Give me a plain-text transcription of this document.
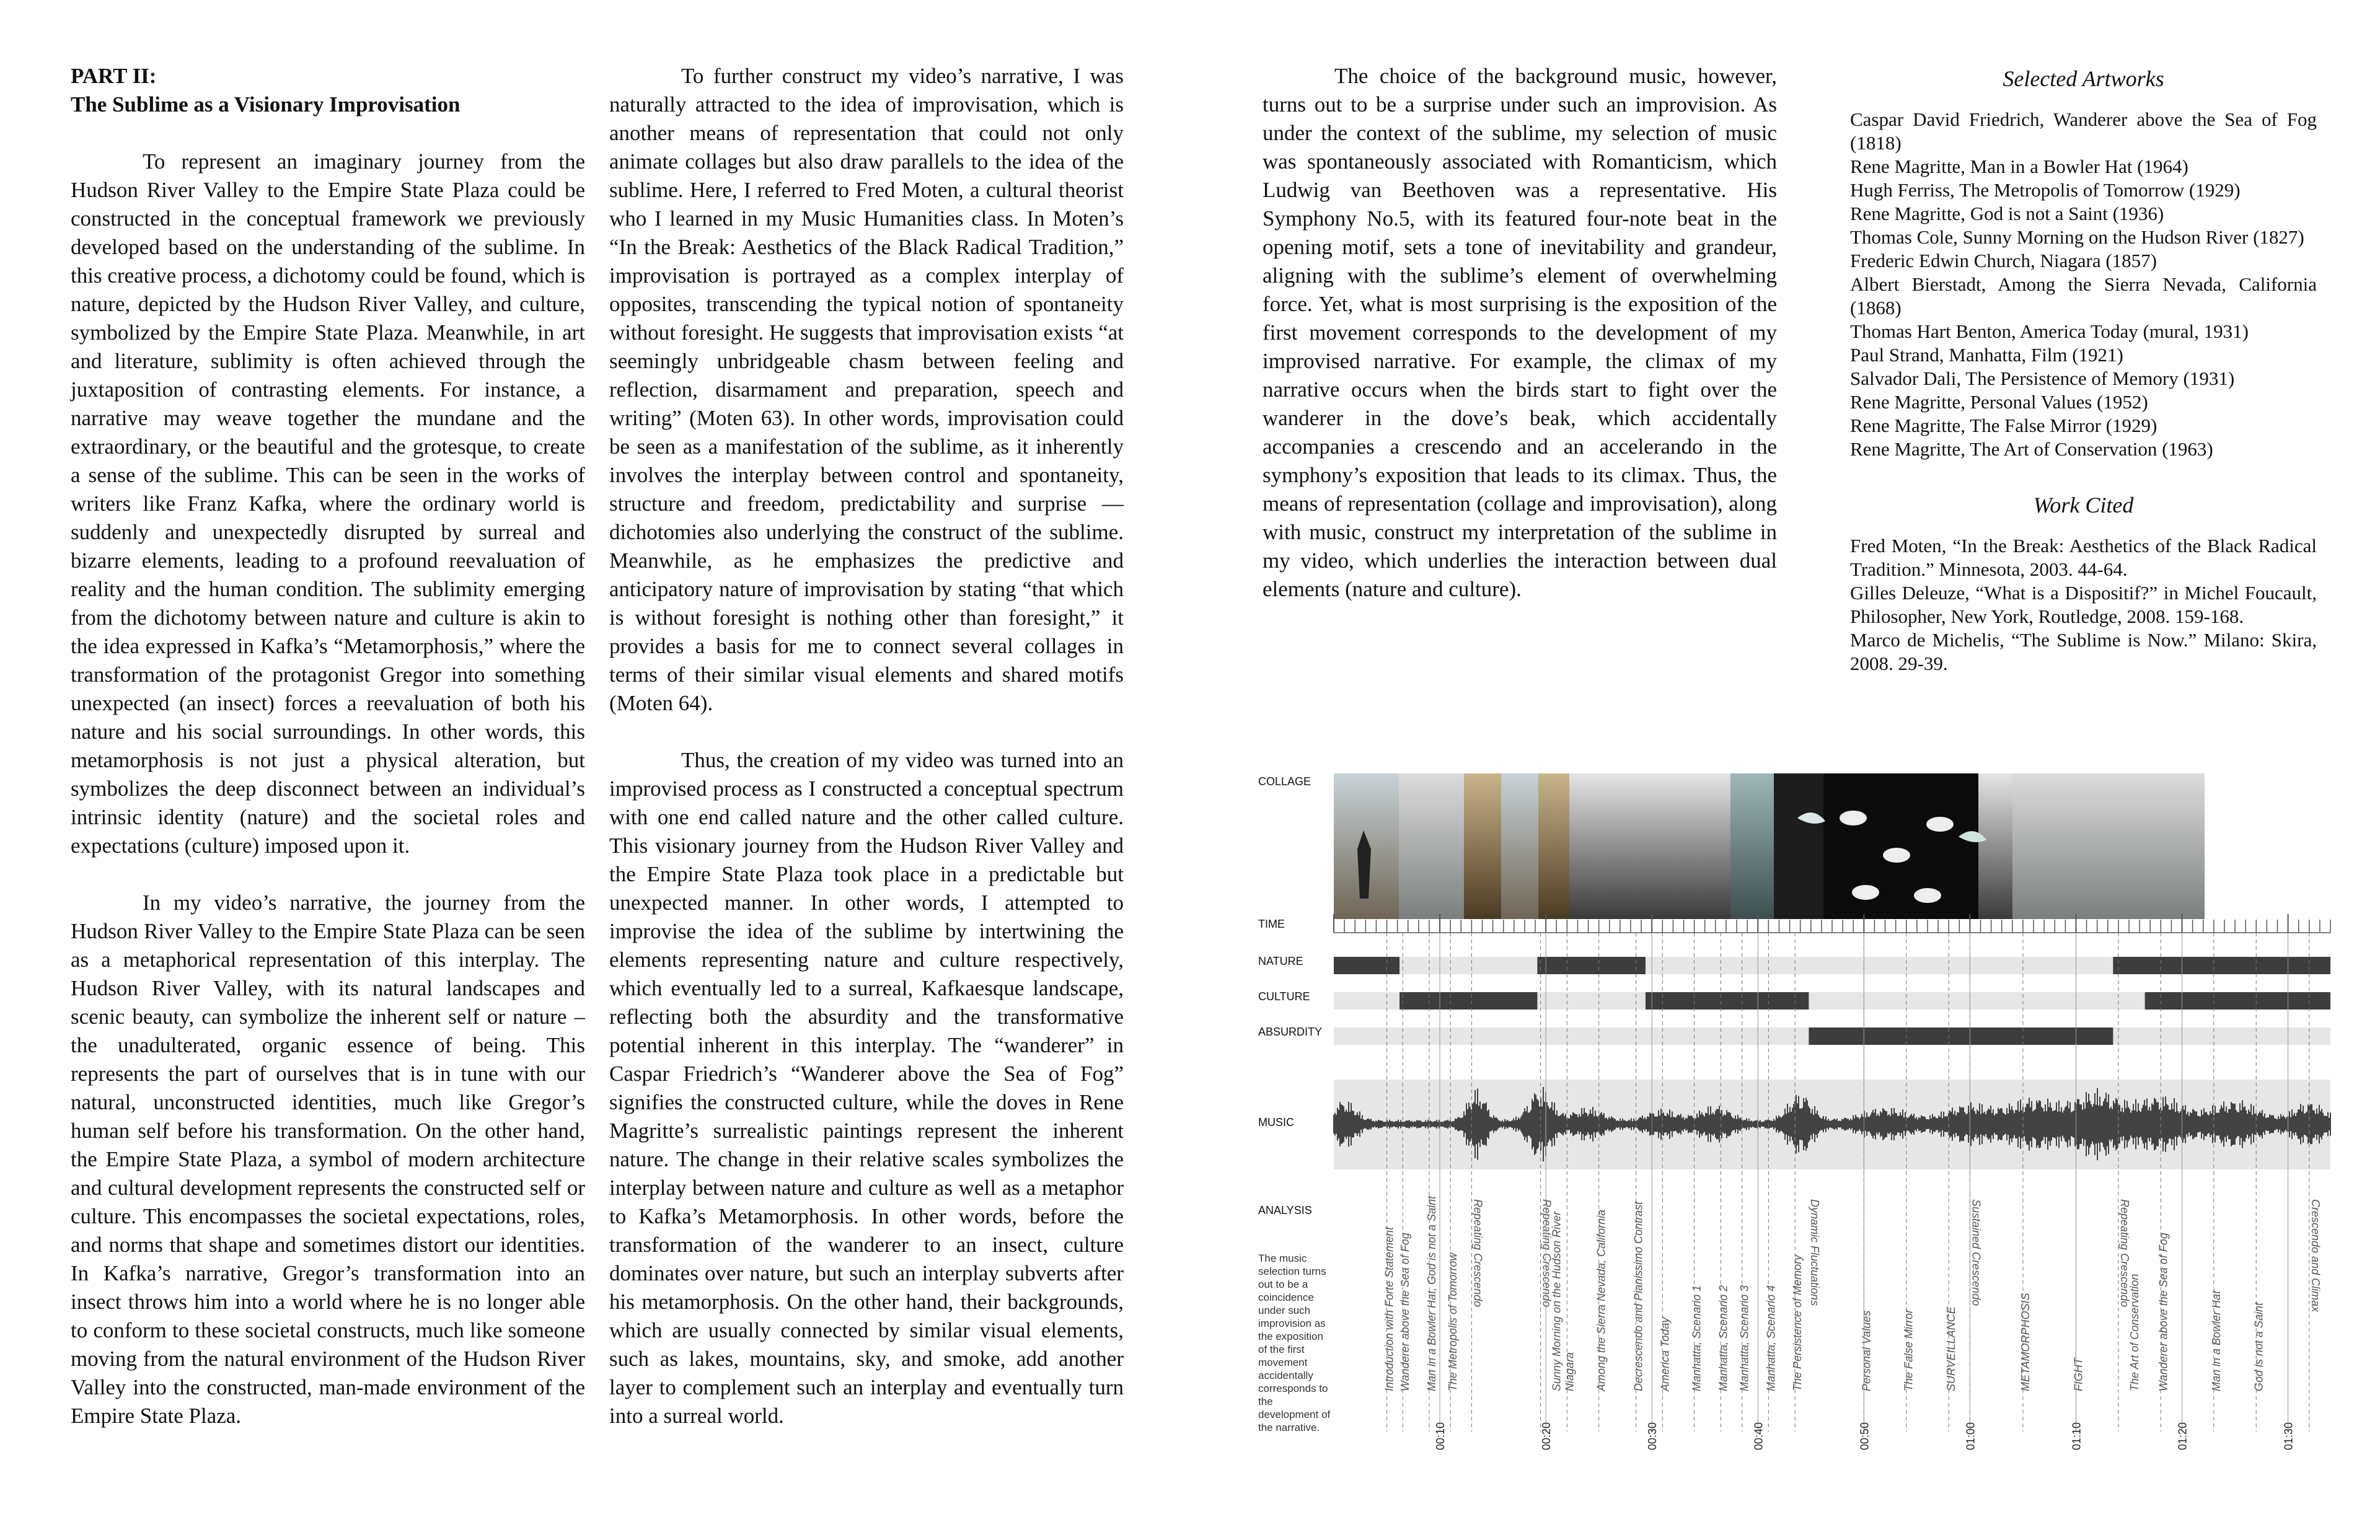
PART II:
The Sublime as a Visionary Improvisation

To represent an imaginary journey from the Hudson River Valley to the Empire State Plaza could be constructed in the conceptual framework we previously developed based on the understanding of the sublime. In this creative process, a dichotomy could be found, which is nature, depicted by the Hudson River Valley, and culture, symbolized by the Empire State Plaza. Meanwhile, in art and literature, sublimity is often achieved through the juxtaposition of contrasting elements. For instance, a narrative may weave together the mundane and the extraordinary, or the beautiful and the grotesque, to create a sense of the sublime. This can be seen in the works of writers like Franz Kafka, where the ordinary world is suddenly and unexpectedly disrupted by surreal and bizarre elements, leading to a profound reevaluation of reality and the human condition. The sublimity emerging from the dichotomy between nature and culture is akin to the idea expressed in Kafka’s “Metamorphosis,” where the transformation of the protagonist Gregor into something unexpected (an insect) forces a reevaluation of both his nature and his social surroundings. In other words, this metamorphosis is not just a physical alteration, but symbolizes the deep disconnect between an individual’s intrinsic identity (nature) and the societal roles and expectations (culture) imposed upon it.

In my video’s narrative, the journey from the Hudson River Valley to the Empire State Plaza can be seen as a metaphorical representation of this interplay. The Hudson River Valley, with its natural landscapes and scenic beauty, can symbolize the inherent self or nature – the unadulterated, organic essence of being. This represents the part of ourselves that is in tune with our natural, unconstructed identities, much like Gregor’s human self before his transformation. On the other hand, the Empire State Plaza, a symbol of modern architecture and cultural development represents the constructed self or culture. This encompasses the societal expectations, roles, and norms that shape and sometimes distort our identities. In Kafka’s narrative, Gregor’s transformation into an insect throws him into a world where he is no longer able to conform to these societal constructs, much like someone moving from the natural environment of the Hudson River Valley into the constructed, man-made environment of the Empire State Plaza.

To further construct my video’s narrative, I was naturally attracted to the idea of improvisation, which is another means of representation that could not only animate collages but also draw parallels to the idea of the sublime. Here, I referred to Fred Moten, a cultural theorist who I learned in my Music Humanities class. In Moten’s “In the Break: Aesthetics of the Black Radical Tradition,” improvisation is portrayed as a complex interplay of opposites, transcending the typical notion of spontaneity without foresight. He suggests that improvisation exists “at seemingly unbridgeable chasm between feeling and reflection, disarmament and preparation, speech and writing” (Moten 63). In other words, improvisation could be seen as a manifestation of the sublime, as it inherently involves the interplay between control and spontaneity, structure and freedom, predictability and surprise — dichotomies also underlying the construct of the sublime. Meanwhile, as he emphasizes the predictive and anticipatory nature of improvisation by stating “that which is without foresight is nothing other than foresight,” it provides a basis for me to connect several collages in terms of their similar visual elements and shared motifs (Moten 64).

Thus, the creation of my video was turned into an improvised process as I constructed a conceptual spectrum with one end called nature and the other called culture. This visionary journey from the Hudson River Valley and the Empire State Plaza took place in a predictable but unexpected manner. In other words, I attempted to improvise the idea of the sublime by intertwining the elements representing nature and culture respectively, which eventually led to a surreal, Kafkaesque landscape, reflecting both the absurdity and the transformative potential inherent in this interplay. The “wanderer” in Caspar Friedrich’s “Wanderer above the Sea of Fog” signifies the constructed culture, while the doves in Rene Magritte’s surrealistic paintings represent the inherent nature. The change in their relative scales symbolizes the interplay between nature and culture as well as a metaphor to Kafka’s Metamorphosis. In other words, before the transformation of the wanderer to an insect, culture dominates over nature, but such an interplay subverts after his metamorphosis. On the other hand, their backgrounds, which are usually connected by similar visual elements, such as lakes, mountains, sky, and smoke, add another layer to complement such an interplay and eventually turn into a surreal world.

The choice of the background music, however, turns out to be a surprise under such an improvision. As under the context of the sublime, my selection of music was spontaneously associated with Romanticism, which Ludwig van Beethoven was a representative. His Symphony No.5, with its featured four-note beat in the opening motif, sets a tone of inevitability and grandeur, aligning with the sublime’s element of overwhelming force. Yet, what is most surprising is the exposition of the first movement corresponds to the development of my improvised narrative. For example, the climax of my narrative occurs when the birds start to fight over the wanderer in the dove’s beak, which accidentally accompanies a crescendo and an accelerando in the symphony’s exposition that leads to its climax. Thus, the means of representation (collage and improvisation), along with music, construct my interpretation of the sublime in my video, which underlies the interaction between dual elements (nature and culture).

Selected Artworks

Caspar David Friedrich, Wanderer above the Sea of Fog (1818)

Rene Magritte, Man in a Bowler Hat (1964)

Hugh Ferriss, The Metropolis of Tomorrow (1929)

Rene Magritte, God is not a Saint (1936)

Thomas Cole, Sunny Morning on the Hudson River (1827)

Frederic Edwin Church, Niagara (1857)

Albert Bierstadt, Among the Sierra Nevada, California (1868)

Thomas Hart Benton, America Today (mural, 1931)

Paul Strand, Manhatta, Film (1921)

Salvador Dali, The Persistence of Memory (1931)

Rene Magritte, Personal Values (1952)

Rene Magritte, The False Mirror (1929)

Rene Magritte, The Art of Conservation (1963)

Work Cited

Fred Moten, “In the Break: Aesthetics of the Black Radical Tradition.” Minnesota, 2003. 44-64.

Gilles Deleuze, “What is a Dispositif?” in Michel Foucault, Philosopher, New York, Routledge, 2008. 159-168.

Marco de Michelis, “The Sublime is Now.” Milano: Skira, 2008. 29-39.

COLLAGE
TIME
NATURE
CULTURE
ABSURDITY
MUSIC
ANALYSIS
Introduction with Forte Statement Wanderer above the Sea of Fog Man in a Bowler Hat, God is not a Saint The Metropolis of Tomorrow Repeating Crescendo	Repeating Crescendo
Sunny Morning on the Hudson River Niagara Among the Sierra Nevada, California Decrescendo and Pianissimo Contrast America Today Manhatta, Scenario 1 Manhatta, Scenario 2 Manhatta, Scenario 3 Manhatta, Scenario 4 The Persistence of Memory
Dynamic Fluctuations
Personal Values	The False Mirror	SURVEILLANCE
Sustained Crescendo
METAMORPHOSIS	FIGHT
Repeating Crescendo
The Art of Conservation Wanderer above the Sea of Fog	Man in a Bowler Hat	God is not a Saint
Crescendo and Climax
00:10	00:20	00:30	00:40	00:50	01:00	01:10	01:20	01:30
The music selection turns out to be a coincidence under such improvision as the exposition of the first movement accidentally corresponds to the development of the narrative.
